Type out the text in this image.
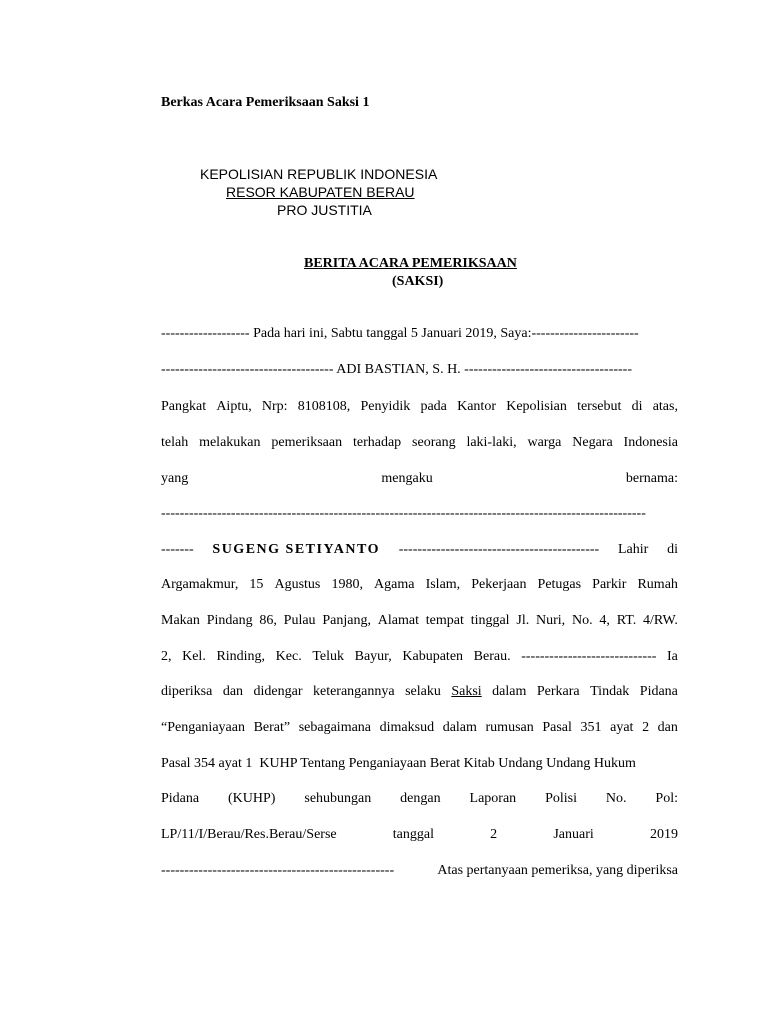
Berkas Acara Pemeriksaan Saksi 1
KEPOLISIAN REPUBLIK INDONESIA
RESOR KABUPATEN BERAU
PRO JUSTITIA
BERITA ACARA PEMERIKSAAN
(SAKSI)
------------------- Pada hari ini, Sabtu tanggal 5 Januari 2019, Saya:-----------------------
------------------------------------- ADI BASTIAN, S. H. ------------------------------------
Pangkat Aiptu, Nrp: 8108108, Penyidik pada Kantor Kepolisian tersebut di atas,
telah melakukan pemeriksaan terhadap seorang laki-laki, warga Negara Indonesia
yang	mengaku	bernama:
--------------------------------------------------------------------------------------------------------
------- SUGENG SETIYANTO ------------------------------------------- Lahir di
Argamakmur, 15 Agustus 1980, Agama Islam, Pekerjaan Petugas Parkir Rumah
Makan Pindang 86, Pulau Panjang, Alamat tempat tinggal Jl. Nuri, No. 4, RT. 4/RW.
2, Kel. Rinding, Kec. Teluk Bayur, Kabupaten Berau. ----------------------------- Ia
diperiksa dan didengar keterangannya selaku Saksi dalam Perkara Tindak Pidana
“Penganiayaan Berat” sebagaimana dimaksud dalam rumusan Pasal 351 ayat 2 dan
Pasal 354 ayat 1  KUHP Tentang Penganiayaan Berat Kitab Undang Undang Hukum
Pidana (KUHP) sehubungan dengan Laporan Polisi No. Pol:
LP/11/I/Berau/Res.Berau/Serse	tanggal	2	Januari	2019
--------------------------------------------------	Atas pertanyaan pemeriksa, yang diperiksa
